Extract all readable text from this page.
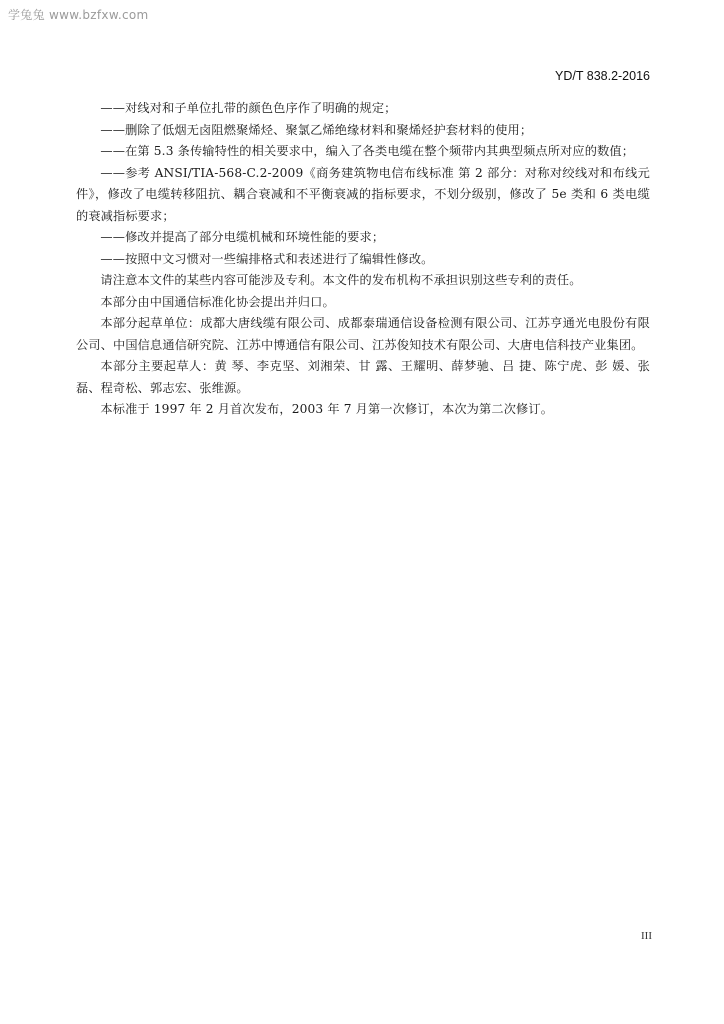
学兔兔 www.bzfxw.com
YD/T 838.2-2016

——对线对和子单位扎带的颜色色序作了明确的规定；

——删除了低烟无卤阻燃聚烯烃、聚氯乙烯绝缘材料和聚烯烃护套材料的使用；

——在第 5.3 条传输特性的相关要求中，编入了各类电缆在整个频带内其典型频点所对应的数值；

——参考 ANSI/TIA-568-C.2-2009《商务建筑物电信布线标准 第 2 部分：对称对绞线对和布线元件》，修改了电缆转移阻抗、耦合衰减和不平衡衰减的指标要求，不划分级别，修改了 5e 类和 6 类电缆的衰减指标要求；

——修改并提高了部分电缆机械和环境性能的要求；

——按照中文习惯对一些编排格式和表述进行了编辑性修改。

请注意本文件的某些内容可能涉及专利。本文件的发布机构不承担识别这些专利的责任。

本部分由中国通信标准化协会提出并归口。

本部分起草单位：成都大唐线缆有限公司、成都泰瑞通信设备检测有限公司、江苏亨通光电股份有限公司、中国信息通信研究院、江苏中博通信有限公司、江苏俊知技术有限公司、大唐电信科技产业集团。

本部分主要起草人：黄 琴、李克坚、刘湘荣、甘 露、王耀明、薛梦驰、吕 捷、陈宁虎、彭 媛、张 磊、程奇松、郭志宏、张维源。

本标准于 1997 年 2 月首次发布，2003 年 7 月第一次修订，本次为第二次修订。

III
